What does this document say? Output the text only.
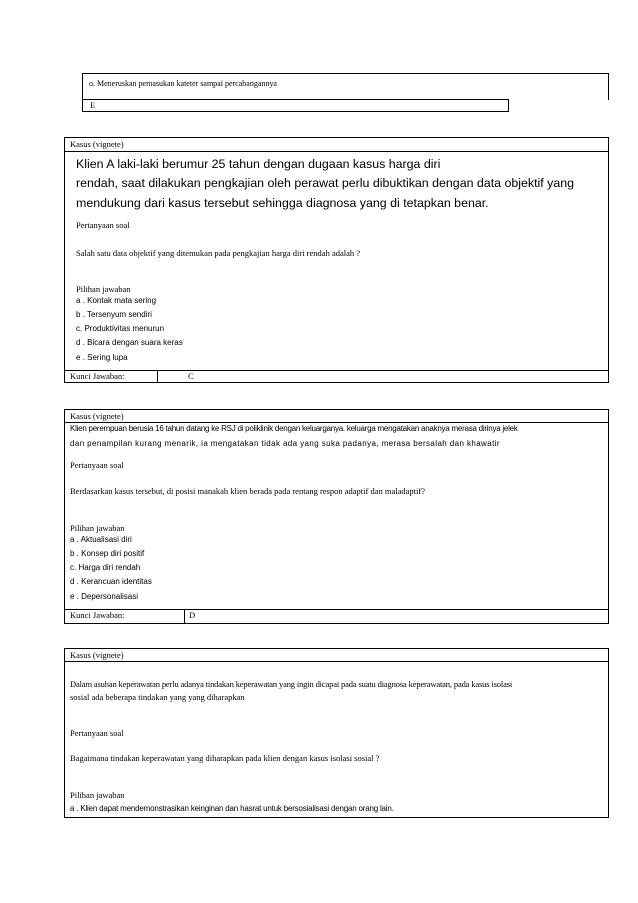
o. Meneruskan pemasukan kateter sampai percabangannya
E
Kasus (vignete)
Klien A laki-laki berumur 25 tahun dengan dugaan kasus harga diri
rendah, saat dilakukan pengkajian oleh perawat perlu dibuktikan dengan data objektif yang
mendukung dari kasus tersebut sehingga diagnosa yang di tetapkan benar.
Pertanyaan soal
Salah satu data objektif yang ditemukan pada pengkajian harga diri rendah adalah ?
Pilihan jawaban
a . Kontak mata sering
b . Tersenyum sendiri
c. Produktivitas menurun
d . Bicara dengan suara keras
e . Sering lupa
Kunci Jawaban:	C
Kasus (vignete)
Klien perempuan berusia 16 tahun datang ke RSJ di poliklinik dengan keluarganya. keluarga mengatakan anaknya merasa dirinya jelek
dan penampilan kurang menarik, ia mengatakan tidak ada yang suka padanya, merasa bersalah dan khawatir
Pertanyaan soal
Berdasarkan kasus tersebut, di posisi manakah klien berada pada rentang respon adaptif dan maladaptif?
Pilihan jawaban
a . Aktualisasi diri
b . Konsep diri positif
c. Harga diri rendah
d . Kerancuan identitas
e . Depersonalisasi
Kunci Jawaban:	D
Kasus (vignete)
Dalam asuhan keperawatan perlu adanya tindakan keperawatan yang ingin dicapai pada suatu diagnosa keperawatan, pada kasus isolasi
sosial ada beberapa tindakan yang yang diharapkan
Pertanyaan soal
Bagaimana tindakan keperawatan yang diharapkan pada klien dengan kasus isolasi sosial ?
Pilihan jawaban
a . Klien dapat mendemonstrasikan keinginan dan hasrat untuk bersosialisasi dengan orang lain.
